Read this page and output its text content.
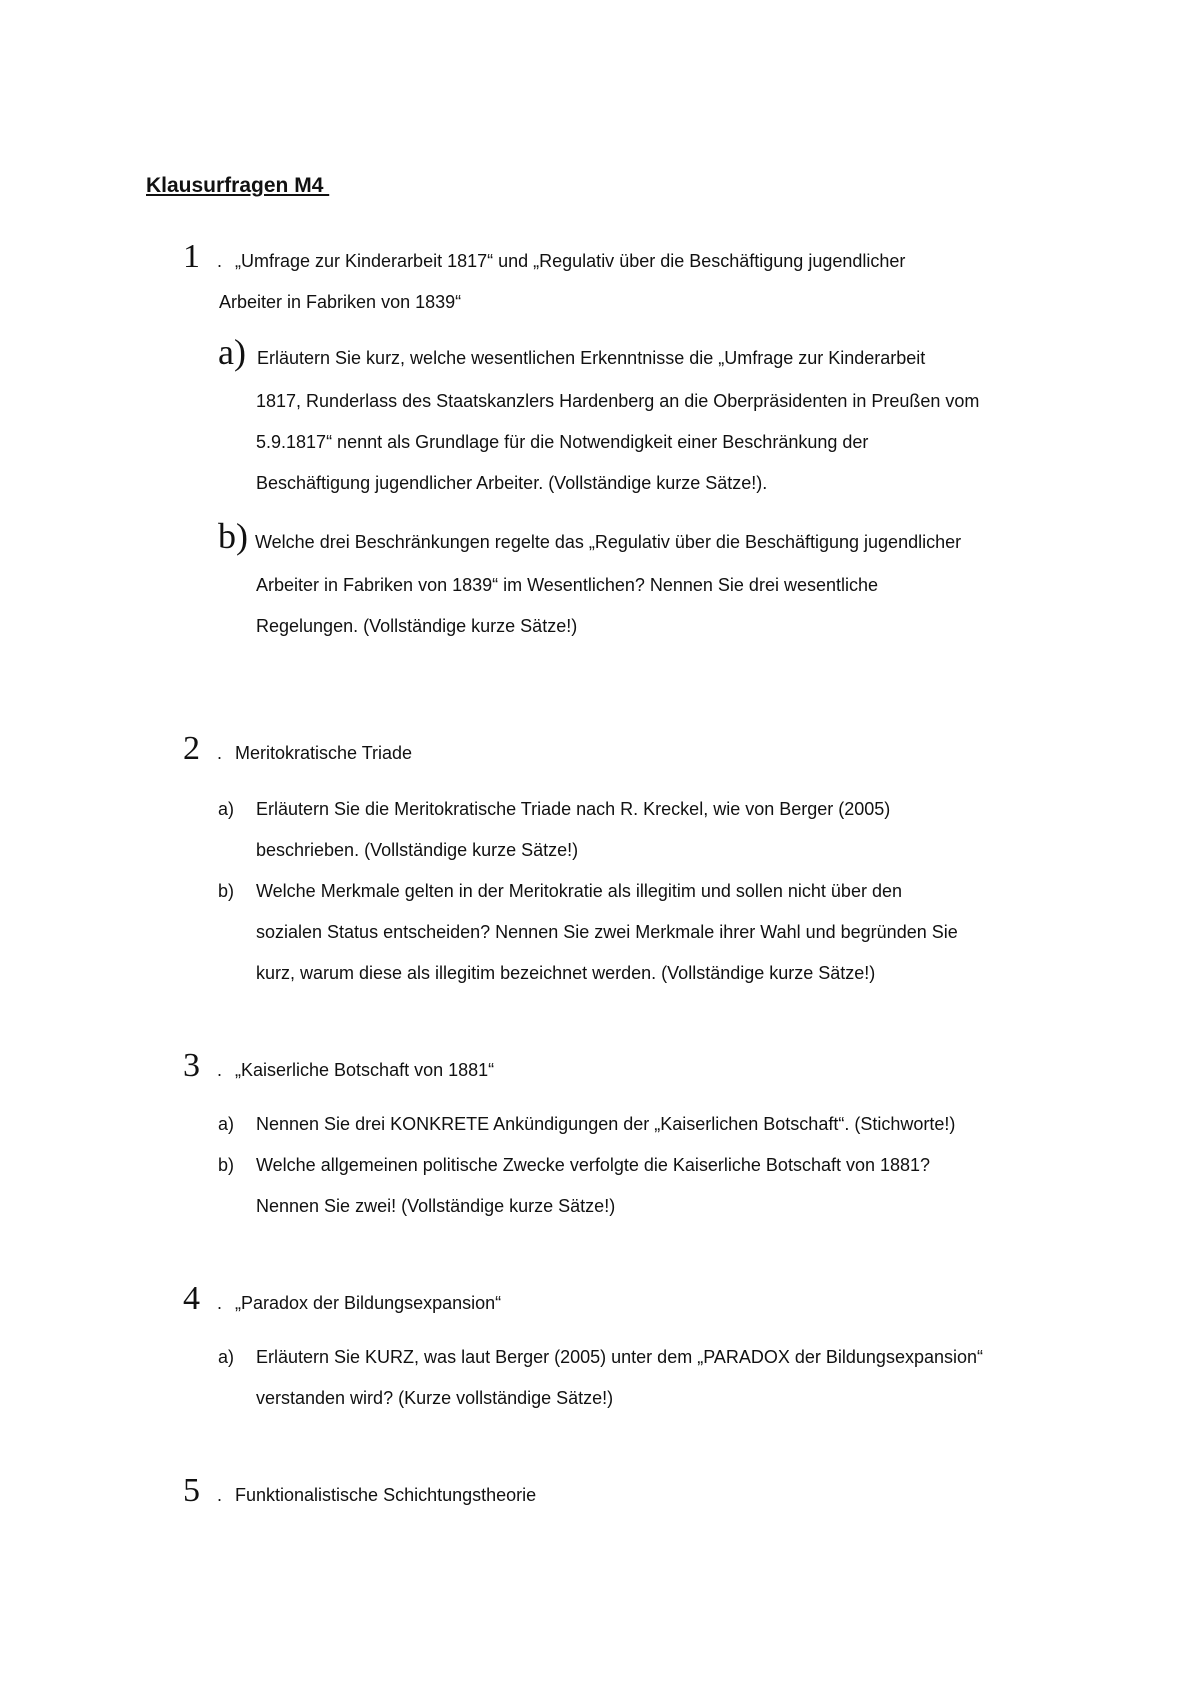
Klausurfragen M4
1 . „Umfrage zur Kinderarbeit 1817“ und „Regulativ über die Beschäftigung jugendlicher
Arbeiter in Fabriken von 1839“
a) Erläutern Sie kurz, welche wesentlichen Erkenntnisse die „Umfrage zur Kinderarbeit
1817, Runderlass des Staatskanzlers Hardenberg an die Oberpräsidenten in Preußen vom
5.9.1817“ nennt als Grundlage für die Notwendigkeit einer Beschränkung der
Beschäftigung jugendlicher Arbeiter. (Vollständige kurze Sätze!).
b) Welche drei Beschränkungen regelte das „Regulativ über die Beschäftigung jugendlicher
Arbeiter in Fabriken von 1839“ im Wesentlichen? Nennen Sie drei wesentliche
Regelungen. (Vollständige kurze Sätze!)
2 . Meritokratische Triade
a) Erläutern Sie die Meritokratische Triade nach R. Kreckel, wie von Berger (2005)
beschrieben. (Vollständige kurze Sätze!)
b) Welche Merkmale gelten in der Meritokratie als illegitim und sollen nicht über den
sozialen Status entscheiden? Nennen Sie zwei Merkmale ihrer Wahl und begründen Sie
kurz, warum diese als illegitim bezeichnet werden. (Vollständige kurze Sätze!)
3 . „Kaiserliche Botschaft von 1881“
a) Nennen Sie drei KONKRETE Ankündigungen der „Kaiserlichen Botschaft“. (Stichworte!)
b) Welche allgemeinen politische Zwecke verfolgte die Kaiserliche Botschaft von 1881?
Nennen Sie zwei! (Vollständige kurze Sätze!)
4 . „Paradox der Bildungsexpansion“
a) Erläutern Sie KURZ, was laut Berger (2005) unter dem „PARADOX der Bildungsexpansion“
verstanden wird? (Kurze vollständige Sätze!)
5 . Funktionalistische Schichtungstheorie
